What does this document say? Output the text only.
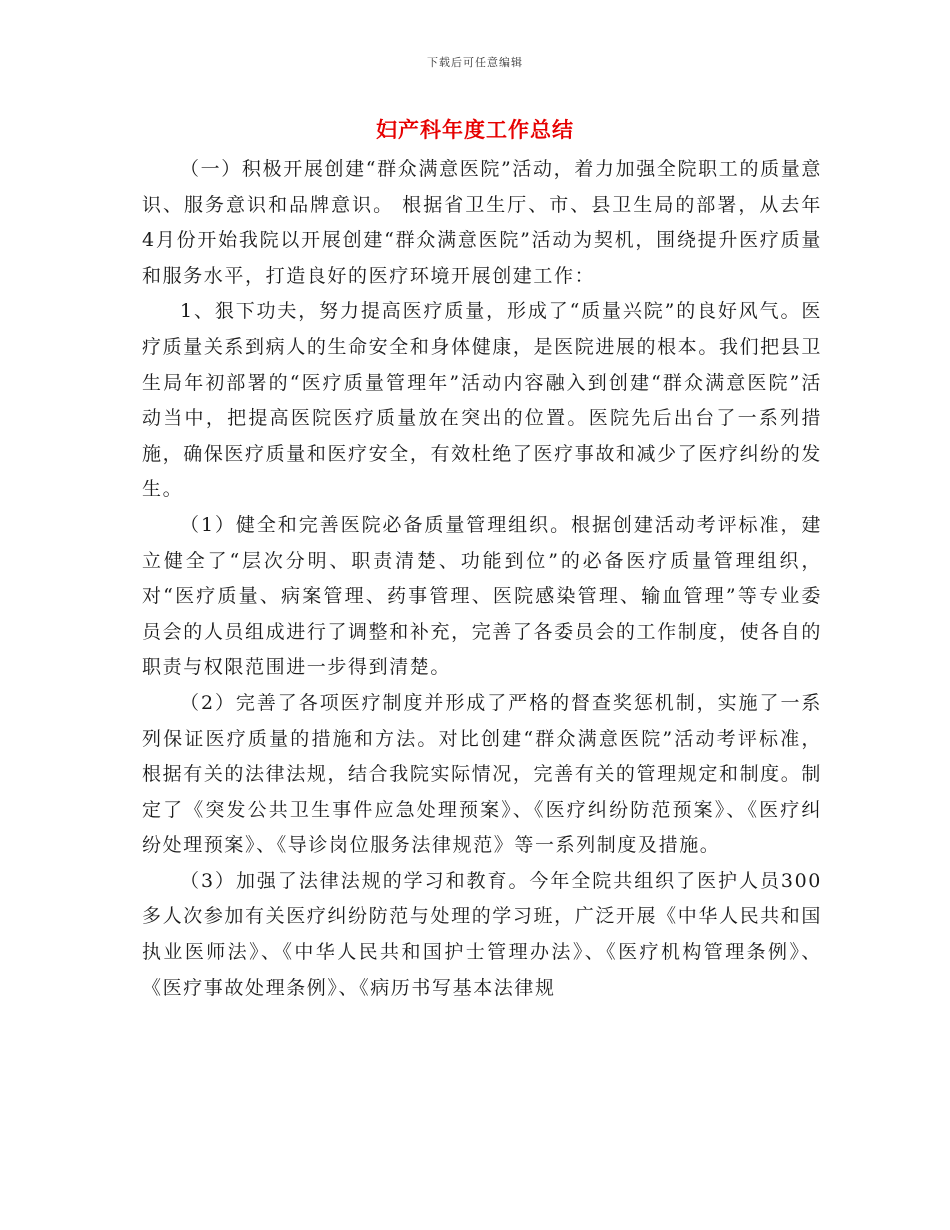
下载后可任意编辑
妇产科年度工作总结

（一）积极开展创建“群众满意医院”活动，着力加强全院职工的质量意识、服务意识和品牌意识。 根据省卫生厅、市、县卫生局的部署，从去年4月份开始我院以开展创建“群众满意医院”活动为契机，围绕提升医疗质量和服务水平，打造良好的医疗环境开展创建工作：

1、狠下功夫，努力提高医疗质量，形成了“质量兴院”的良好风气。医疗质量关系到病人的生命安全和身体健康，是医院进展的根本。我们把县卫生局年初部署的“医疗质量管理年”活动内容融入到创建“群众满意医院”活动当中，把提高医院医疗质量放在突出的位置。医院先后出台了一系列措施，确保医疗质量和医疗安全，有效杜绝了医疗事故和减少了医疗纠纷的发生。

（1）健全和完善医院必备质量管理组织。根据创建活动考评标准，建立健全了“层次分明、职责清楚、功能到位”的必备医疗质量管理组织，对“医疗质量、病案管理、药事管理、医院感染管理、输血管理”等专业委员会的人员组成进行了调整和补充，完善了各委员会的工作制度，使各自的职责与权限范围进一步得到清楚。

（2）完善了各项医疗制度并形成了严格的督查奖惩机制，实施了一系列保证医疗质量的措施和方法。对比创建“群众满意医院”活动考评标准，根据有关的法律法规，结合我院实际情况，完善有关的管理规定和制度。制定了《突发公共卫生事件应急处理预案》、《医疗纠纷防范预案》、《医疗纠纷处理预案》、《导诊岗位服务法律规范》等一系列制度及措施。

（3）加强了法律法规的学习和教育。今年全院共组织了医护人员300多人次参加有关医疗纠纷防范与处理的学习班，广泛开展《中华人民共和国执业医师法》、《中华人民共和国护士管理办法》、《医疗机构管理条例》、《医疗事故处理条例》、《病历书写基本法律规
